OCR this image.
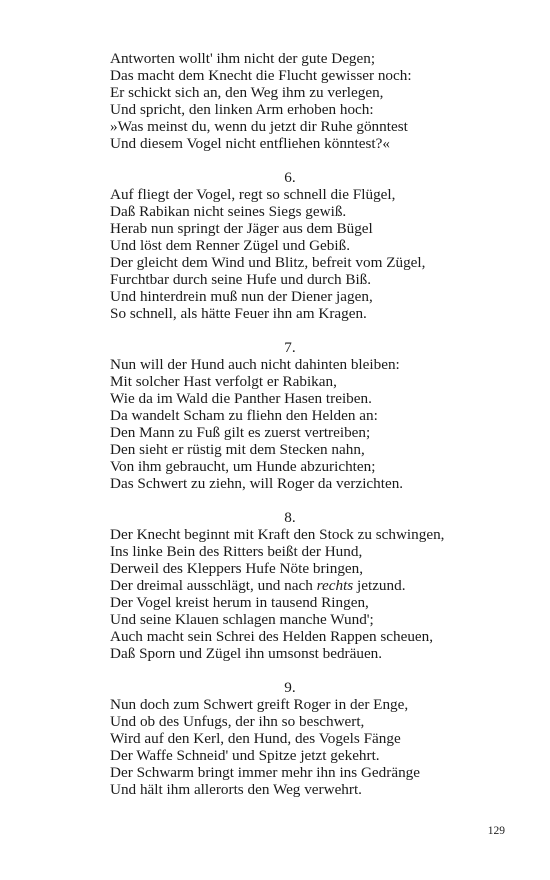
Antworten wollt' ihm nicht der gute Degen;
Das macht dem Knecht die Flucht gewisser noch:
Er schickt sich an, den Weg ihm zu verlegen,
Und spricht, den linken Arm erhoben hoch:
»Was meinst du, wenn du jetzt dir Ruhe gönntest
Und diesem Vogel nicht entfliehen könntest?«
6.
Auf fliegt der Vogel, regt so schnell die Flügel,
Daß Rabikan nicht seines Siegs gewiß.
Herab nun springt der Jäger aus dem Bügel
Und löst dem Renner Zügel und Gebiß.
Der gleicht dem Wind und Blitz, befreit vom Zügel,
Furchtbar durch seine Hufe und durch Biß.
Und hinterdrein muß nun der Diener jagen,
So schnell, als hätte Feuer ihn am Kragen.
7.
Nun will der Hund auch nicht dahinten bleiben:
Mit solcher Hast verfolgt er Rabikan,
Wie da im Wald die Panther Hasen treiben.
Da wandelt Scham zu fliehn den Helden an:
Den Mann zu Fuß gilt es zuerst vertreiben;
Den sieht er rüstig mit dem Stecken nahn,
Von ihm gebraucht, um Hunde abzurichten;
Das Schwert zu ziehn, will Roger da verzichten.
8.
Der Knecht beginnt mit Kraft den Stock zu schwingen,
Ins linke Bein des Ritters beißt der Hund,
Derweil des Kleppers Hufe Nöte bringen,
Der dreimal ausschlägt, und nach rechts jetzund.
Der Vogel kreist herum in tausend Ringen,
Und seine Klauen schlagen manche Wund';
Auch macht sein Schrei des Helden Rappen scheuen,
Daß Sporn und Zügel ihn umsonst bedräuen.
9.
Nun doch zum Schwert greift Roger in der Enge,
Und ob des Unfugs, der ihn so beschwert,
Wird auf den Kerl, den Hund, des Vogels Fänge
Der Waffe Schneid' und Spitze jetzt gekehrt.
Der Schwarm bringt immer mehr ihn ins Gedränge
Und hält ihm allerorts den Weg verwehrt.
129
